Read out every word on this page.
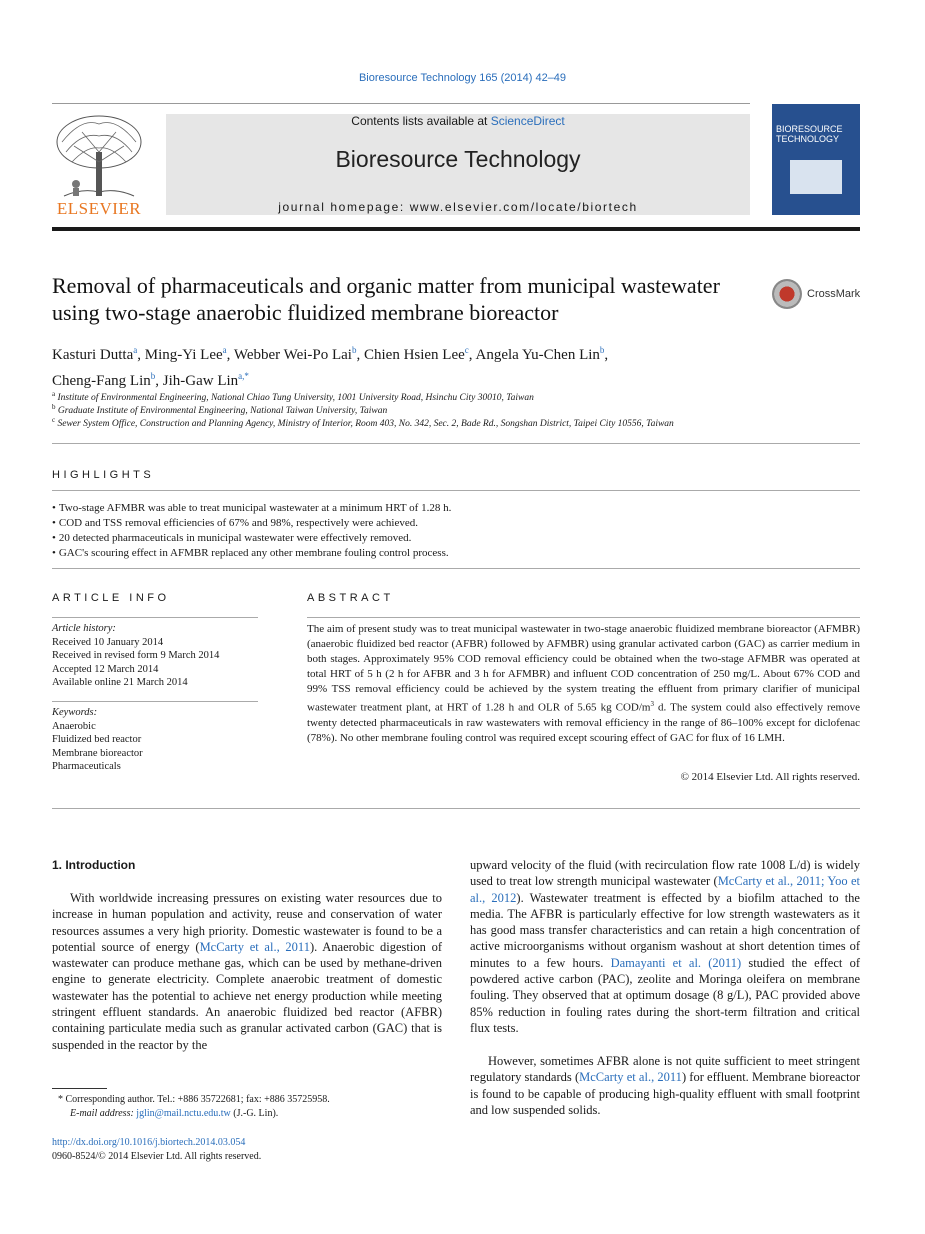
Bioresource Technology 165 (2014) 42–49
ELSEVIER
Contents lists available at ScienceDirect
Bioresource Technology
journal homepage: www.elsevier.com/locate/biortech
BIORESOURCE TECHNOLOGY
Removal of pharmaceuticals and organic matter from municipal wastewater using two-stage anaerobic fluidized membrane bioreactor
CrossMark
Kasturi Dutta$^a$, Ming-Yi Lee$^a$, Webber Wei-Po Lai$^b$, Chien Hsien Lee$^c$, Angela Yu-Chen Lin$^b$,
Cheng-Fang Lin$^b$, Jih-Gaw Lin$^{a,*}$
$^a$ Institute of Environmental Engineering, National Chiao Tung University, 1001 University Road, Hsinchu City 30010, Taiwan
$^b$ Graduate Institute of Environmental Engineering, National Taiwan University, Taiwan
$^c$ Sewer System Office, Construction and Planning Agency, Ministry of Interior, Room 403, No. 342, Sec. 2, Bade Rd., Songshan District, Taipei City 10556, Taiwan
HIGHLIGHTS
• Two-stage AFMBR was able to treat municipal wastewater at a minimum HRT of 1.28 h.
• COD and TSS removal efficiencies of 67% and 98%, respectively were achieved.
• 20 detected pharmaceuticals in municipal wastewater were effectively removed.
• GAC's scouring effect in AFMBR replaced any other membrane fouling control process.
ARTICLE INFO
Article history:
Received 10 January 2014
Received in revised form 9 March 2014
Accepted 12 March 2014
Available online 21 March 2014
Keywords:
Anaerobic
Fluidized bed reactor
Membrane bioreactor
Pharmaceuticals
ABSTRACT
The aim of present study was to treat municipal wastewater in two-stage anaerobic fluidized membrane bioreactor (AFMBR) (anaerobic fluidized bed reactor (AFBR) followed by AFMBR) using granular activated carbon (GAC) as carrier medium in both stages. Approximately 95% COD removal efficiency could be obtained when the two-stage AFMBR was operated at total HRT of 5 h (2 h for AFBR and 3 h for AFMBR) and influent COD concentration of 250 mg/L. About 67% COD and 99% TSS removal efficiency could be achieved by the system treating the effluent from primary clarifier of municipal wastewater treatment plant, at HRT of 1.28 h and OLR of 5.65 kg COD/$m^3$ d. The system could also effectively remove twenty detected pharmaceuticals in raw wastewaters with removal efficiency in the range of 86–100% except for diclofenac (78%). No other membrane fouling control was required except scouring effect of GAC for flux of 16 LMH.
© 2014 Elsevier Ltd. All rights reserved.
1. Introduction
With worldwide increasing pressures on existing water resources due to increase in human population and activity, reuse and conservation of water resources assumes a very high priority. Domestic wastewater is found to be a potential source of energy (McCarty et al., 2011). Anaerobic digestion of wastewater can produce methane gas, which can be used by methane-driven engine to generate electricity. Complete anaerobic treatment of domestic wastewater has the potential to achieve net energy production while meeting stringent effluent standards. An anaerobic fluidized bed reactor (AFBR) containing particulate media such as granular activated carbon (GAC) that is suspended in the reactor by the
upward velocity of the fluid (with recirculation flow rate 1008 L/d) is widely used to treat low strength municipal wastewater (McCarty et al., 2011; Yoo et al., 2012). Wastewater treatment is effected by a biofilm attached to the media. The AFBR is particularly effective for low strength wastewaters as it has good mass transfer characteristics and can retain a high concentration of active microorganisms without organism washout at short detention times of minutes to a few hours. Damayanti et al. (2011) studied the effect of powdered active carbon (PAC), zeolite and Moringa oleifera on membrane fouling. They observed that at optimum dosage (8 g/L), PAC provided above 85% reduction in fouling rates during the short-term filtration and critical flux tests.
However, sometimes AFBR alone is not quite sufficient to meet stringent regulatory standards (McCarty et al., 2011) for effluent. Membrane bioreactor is found to be capable of producing high-quality effluent with small footprint and low suspended solids.
* Corresponding author. Tel.: +886 35722681; fax: +886 35725958.
E-mail address: jglin@mail.nctu.edu.tw (J.-G. Lin).
http://dx.doi.org/10.1016/j.biortech.2014.03.054
0960-8524/© 2014 Elsevier Ltd. All rights reserved.
